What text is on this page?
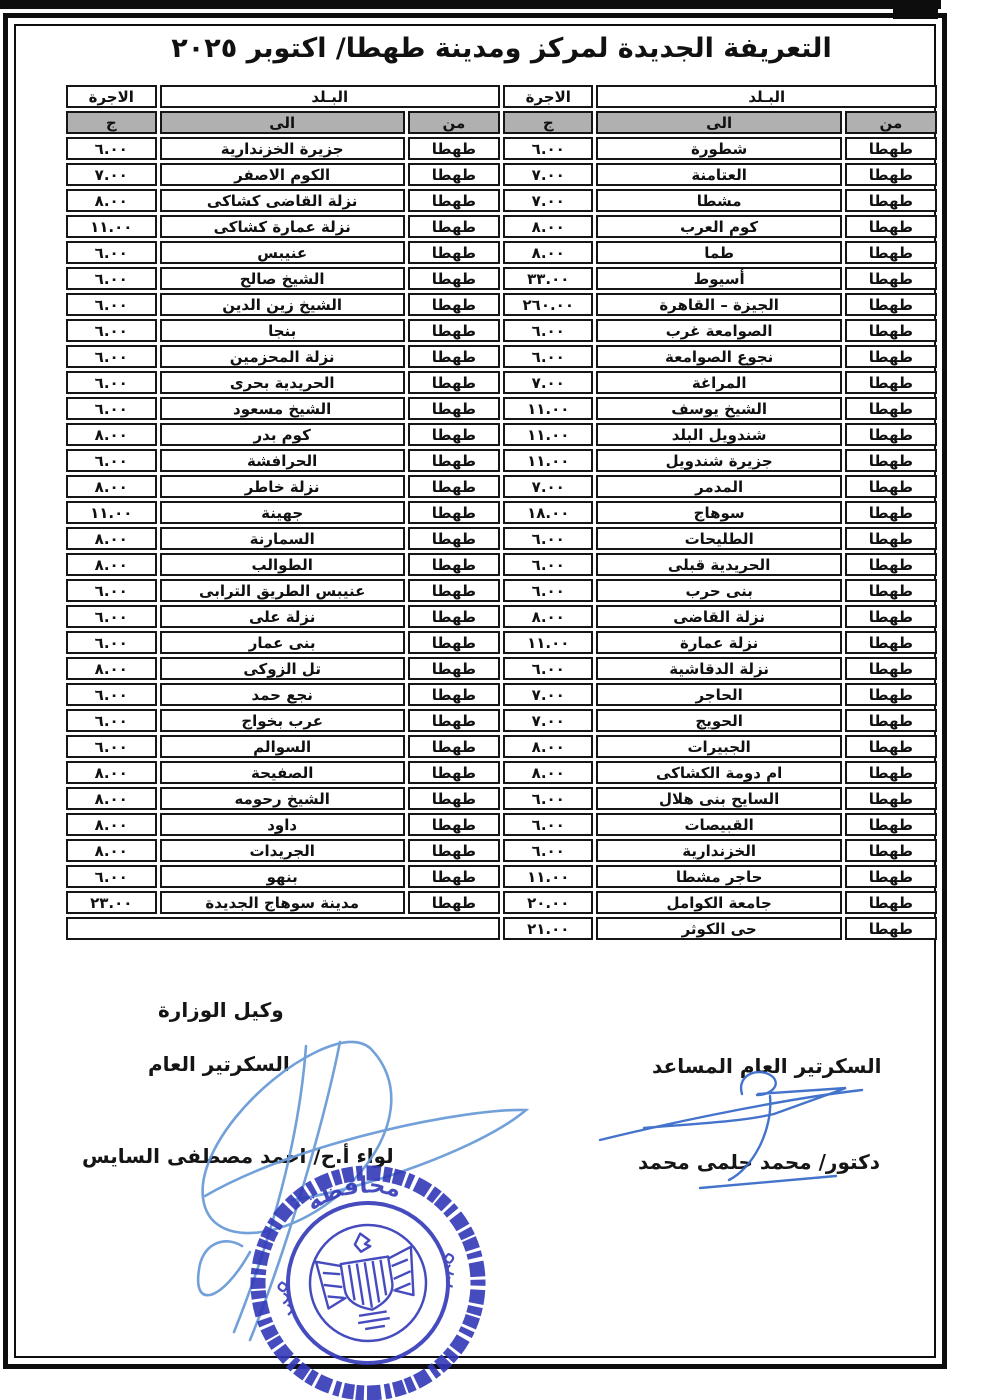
التعريفة الجديدة لمركز ومدينة طهطا/ اكتوبر ٢٠٢٥
البـلد		الاجرة	البـلد		الاجرة
من	الى	ج	من	الى	ج
طهطا	شطورة	٦.٠٠	طهطا	جزيرة الخزندارية	٦.٠٠
طهطا	العتامنة	٧.٠٠	طهطا	الكوم الاصفر	٧.٠٠
طهطا	مشطا	٧.٠٠	طهطا	نزلة القاضى كشاكى	٨.٠٠
طهطا	كوم العرب	٨.٠٠	طهطا	نزلة عمارة كشاكى	١١.٠٠
طهطا	طما	٨.٠٠	طهطا	عنيبس	٦.٠٠
طهطا	أسيوط	٣٣.٠٠	طهطا	الشيخ صالح	٦.٠٠
طهطا	الجيزة – القاهرة	٢٦٠.٠٠	طهطا	الشيخ زين الدين	٦.٠٠
طهطا	الصوامعة غرب	٦.٠٠	طهطا	بنجا	٦.٠٠
طهطا	نجوع الصوامعة	٦.٠٠	طهطا	نزلة المحزمين	٦.٠٠
طهطا	المراغة	٧.٠٠	طهطا	الحريدية بحرى	٦.٠٠
طهطا	الشيخ يوسف	١١.٠٠	طهطا	الشيخ مسعود	٦.٠٠
طهطا	شندويل البلد	١١.٠٠	طهطا	كوم بدر	٨.٠٠
طهطا	جزيرة شندويل	١١.٠٠	طهطا	الحرافشة	٦.٠٠
طهطا	المدمر	٧.٠٠	طهطا	نزلة خاطر	٨.٠٠
طهطا	سوهاج	١٨.٠٠	طهطا	جهينة	١١.٠٠
طهطا	الطليحات	٦.٠٠	طهطا	السمارنة	٨.٠٠
طهطا	الحريدية قبلى	٦.٠٠	طهطا	الطوالب	٨.٠٠
طهطا	بنى حرب	٦.٠٠	طهطا	عنيبس الطريق الترابى	٦.٠٠
طهطا	نزلة القاضى	٨.٠٠	طهطا	نزلة على	٦.٠٠
طهطا	نزلة عمارة	١١.٠٠	طهطا	بنى عمار	٦.٠٠
طهطا	نزلة الدقاشية	٦.٠٠	طهطا	تل الزوكى	٨.٠٠
طهطا	الحاجر	٧.٠٠	طهطا	نجع حمد	٦.٠٠
طهطا	الحويج	٧.٠٠	طهطا	عرب بخواج	٦.٠٠
طهطا	الجبيرات	٨.٠٠	طهطا	السوالم	٦.٠٠
طهطا	ام دومة الكشاكى	٨.٠٠	طهطا	الصفيحة	٨.٠٠
طهطا	السايح بنى هلال	٦.٠٠	طهطا	الشيخ رحومه	٨.٠٠
طهطا	القبيصات	٦.٠٠	طهطا	داود	٨.٠٠
طهطا	الخزندارية	٦.٠٠	طهطا	الجريدات	٨.٠٠
طهطا	حاجر مشطا	١١.٠٠	طهطا	بنهو	٦.٠٠
طهطا	جامعة الكوامل	٢٠.٠٠	طهطا	مدينة سوهاج الجديدة	٢٣.٠٠
طهطا	حى الكوثر	٢١.٠٠			
وكيل الوزارة
السكرتير العام
لواء أ.ح/ احمد مصطفى السايس
السكرتير العام المساعد
دكتور/ محمد حلمى محمد
محافظة
